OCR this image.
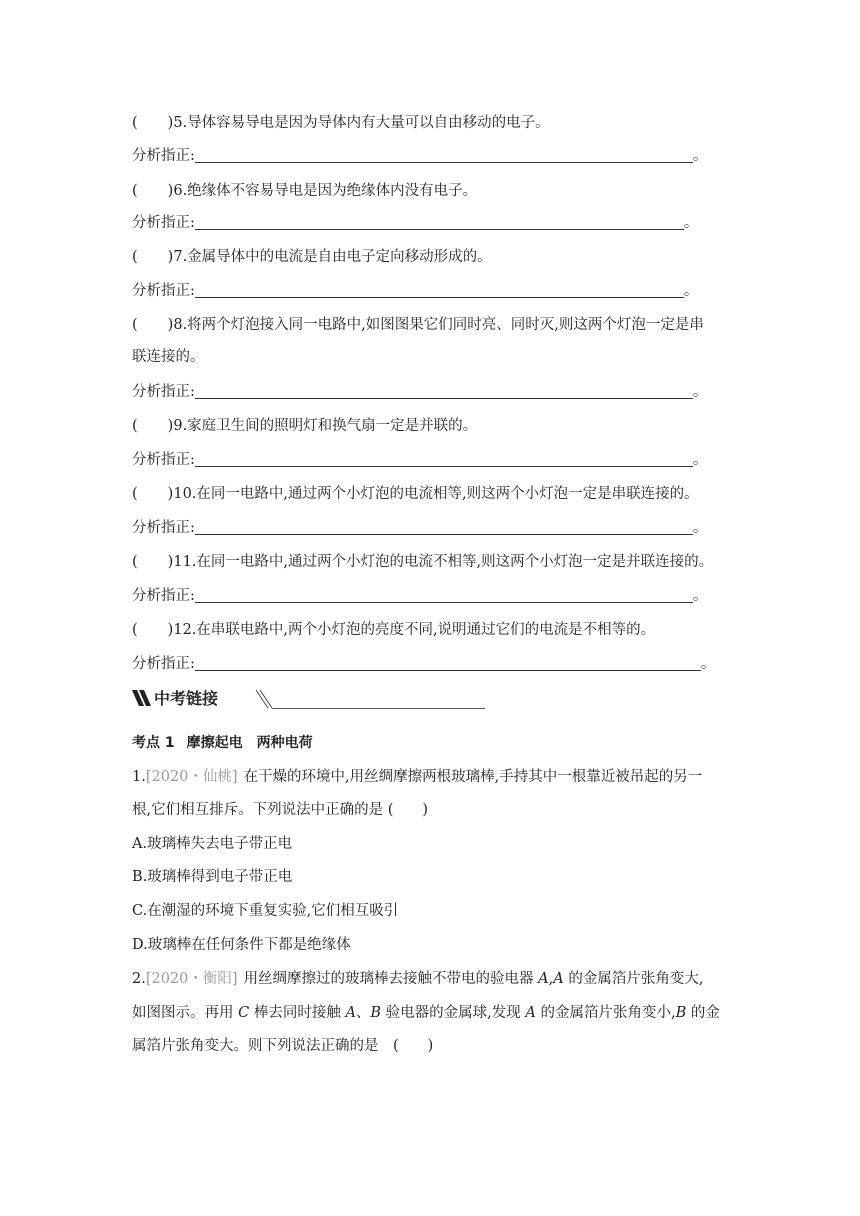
( )5.导体容易导电是因为导体内有大量可以自由移动的电子。
分析指正:	。
( )6.绝缘体不容易导电是因为绝缘体内没有电子。
分析指正:	。
( )7.金属导体中的电流是自由电子定向移动形成的。
分析指正:	。
( )8.将两个灯泡接入同一电路中,如图图果它们同时亮、同时灭,则这两个灯泡一定是串
联连接的。
分析指正:	。
( )9.家庭卫生间的照明灯和换气扇一定是并联的。
分析指正:	。
( )10.在同一电路中,通过两个小灯泡的电流相等,则这两个小灯泡一定是串联连接的。
分析指正:	。
( )11.在同一电路中,通过两个小灯泡的电流不相等,则这两个小灯泡一定是并联连接的。
分析指正:	。
( )12.在串联电路中,两个小灯泡的亮度不同,说明通过它们的电流是不相等的。
分析指正:	。
中考链接
考点 1 摩擦起电　两种电荷
1.[2020・仙桃] 在干燥的环境中,用丝绸摩擦两根玻璃棒,手持其中一根靠近被吊起的另一
根,它们相互排斥。下列说法中正确的是 (　　)
A.玻璃棒失去电子带正电
B.玻璃棒得到电子带正电
C.在潮湿的环境下重复实验,它们相互吸引
D.玻璃棒在任何条件下都是绝缘体
2.[2020・衡阳] 用丝绸摩擦过的玻璃棒去接触不带电的验电器 A,A 的金属箔片张角变大,
如图图示。再用 C 棒去同时接触 A、B 验电器的金属球,发现 A 的金属箔片张角变小,B 的金
属箔片张角变大。则下列说法正确的是　(　　)
